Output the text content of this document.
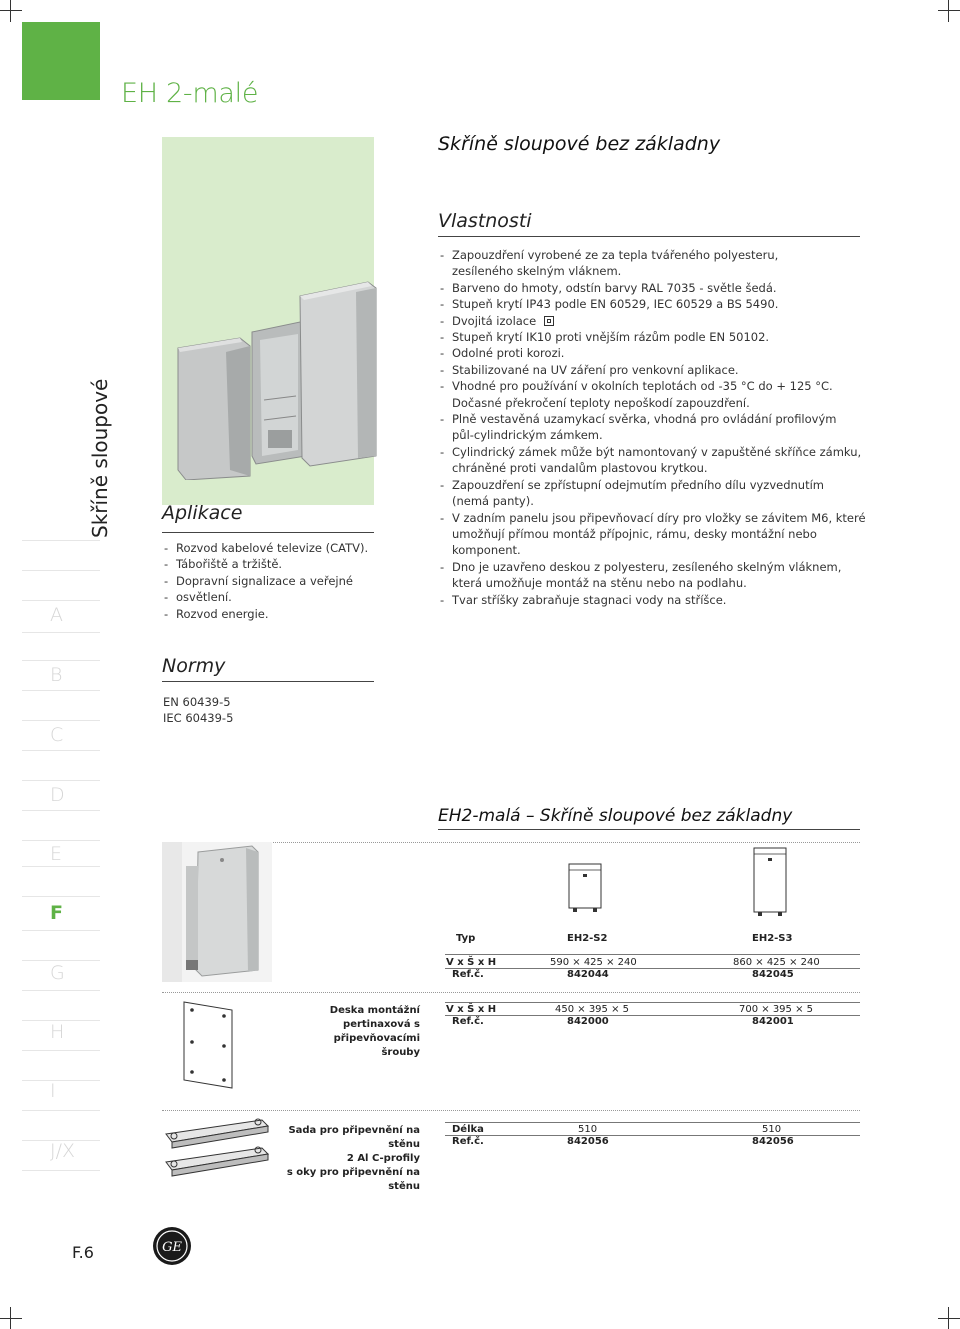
EH 2-malé
Skříně sloupové bez základny
Skříně sloupové
A
B
C
D
E
F
G
H
I
J/X
Aplikace
- Rozvod kabelové televize (CATV).
- Tábořiště a tržiště.
- Dopravní signalizace a veřejné
- osvětlení.
- Rozvod energie.
Normy
EN 60439-5
IEC 60439-5
Vlastnosti
- Zapouzdření vyrobené ze za tepla tvářeného polyesteru,
zesíleného skelným vláknem.
- Barveno do hmoty, odstín barvy RAL 7035 - světle šedá.
- Stupeň krytí IP43 podle EN 60529, IEC 60529 a BS 5490.
- Dvojitá izolace
- Stupeň krytí IK10 proti vnějším rázům podle EN 50102.
- Odolné proti korozi.
- Stabilizované na UV záření pro venkovní aplikace.
- Vhodné pro používání v okolních teplotách od -35 °C do + 125 °C.
Dočasné překročení teploty nepoškodí zapouzdření.
- Plně vestavěná uzamykací svěrka, vhodná pro ovládání profilovým
půl-cylindrickým zámkem.
- Cylindrický zámek může být namontovaný v zapuštěné skříňce zámku,
chráněné proti vandalům plastovou krytkou.
- Zapouzdření se zpřístupní odejmutím předního dílu vyzvednutím
(nemá panty).
- V zadním panelu jsou připevňovací díry pro vložky se závitem M6, které
umožňují přímou montáž přípojnic, rámu, desky montážní nebo komponent.
- Dno je uzavřeno deskou z polyesteru, zesíleného skelným vláknem,
která umožňuje montáž na stěnu nebo na podlahu.
- Tvar stříšky zabraňuje stagnaci vody na stříšce.
EH2-malá – Skříně sloupové bez základny
Typ	EH2-S2	EH2-S3
V x Š x H	590 × 425 × 240	860 × 425 × 240
Ref.č.	842044	842045
Deska montážní
pertinaxová s připevňovacími
šrouby
V x Š x H	450 × 395 × 5	700 × 395 × 5
Ref.č.	842000	842001
Sada pro připevnění na stěnu
2 Al C-profily
s oky pro připevnění na stěnu
Délka	510	510
Ref.č.	842056	842056
F.6	GE
